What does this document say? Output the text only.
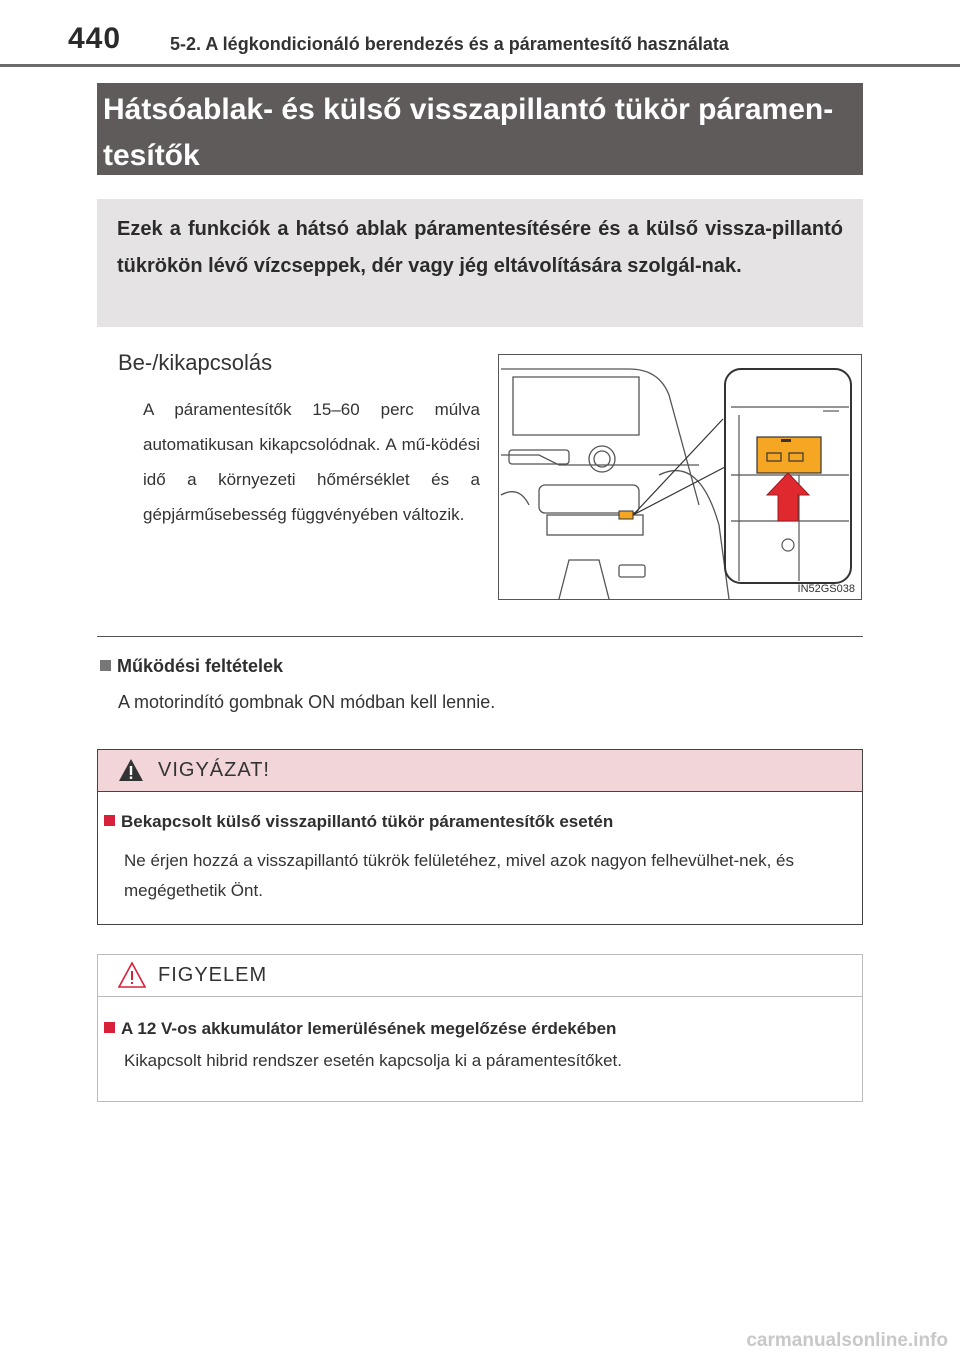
440	5-2. A légkondicionáló berendezés és a páramentesítő használata
Hátsóablak- és külső visszapillantó tükör páramen-
tesítők
Ezek a funkciók a hátsó ablak páramentesítésére és a külső vissza-pillantó tükrökön lévő vízcseppek, dér vagy jég eltávolítására szolgál-nak.
Be-/kikapcsolás
A páramentesítők 15–60 perc múlva automatikusan kikapcsolódnak. A mű-ködési idő a környezeti hőmérséklet és a gépjárműsebesség függvényében változik.
IN52GS038
Működési feltételek
A motorindító gombnak ON módban kell lennie.
VIGYÁZAT!
Bekapcsolt külső visszapillantó tükör páramentesítők esetén
Ne érjen hozzá a visszapillantó tükrök felületéhez, mivel azok nagyon felhevülhet-nek, és megégethetik Önt.
FIGYELEM
A 12 V-os akkumulátor lemerülésének megelőzése érdekében
Kikapcsolt hibrid rendszer esetén kapcsolja ki a páramentesítőket.
carmanualsonline.info
